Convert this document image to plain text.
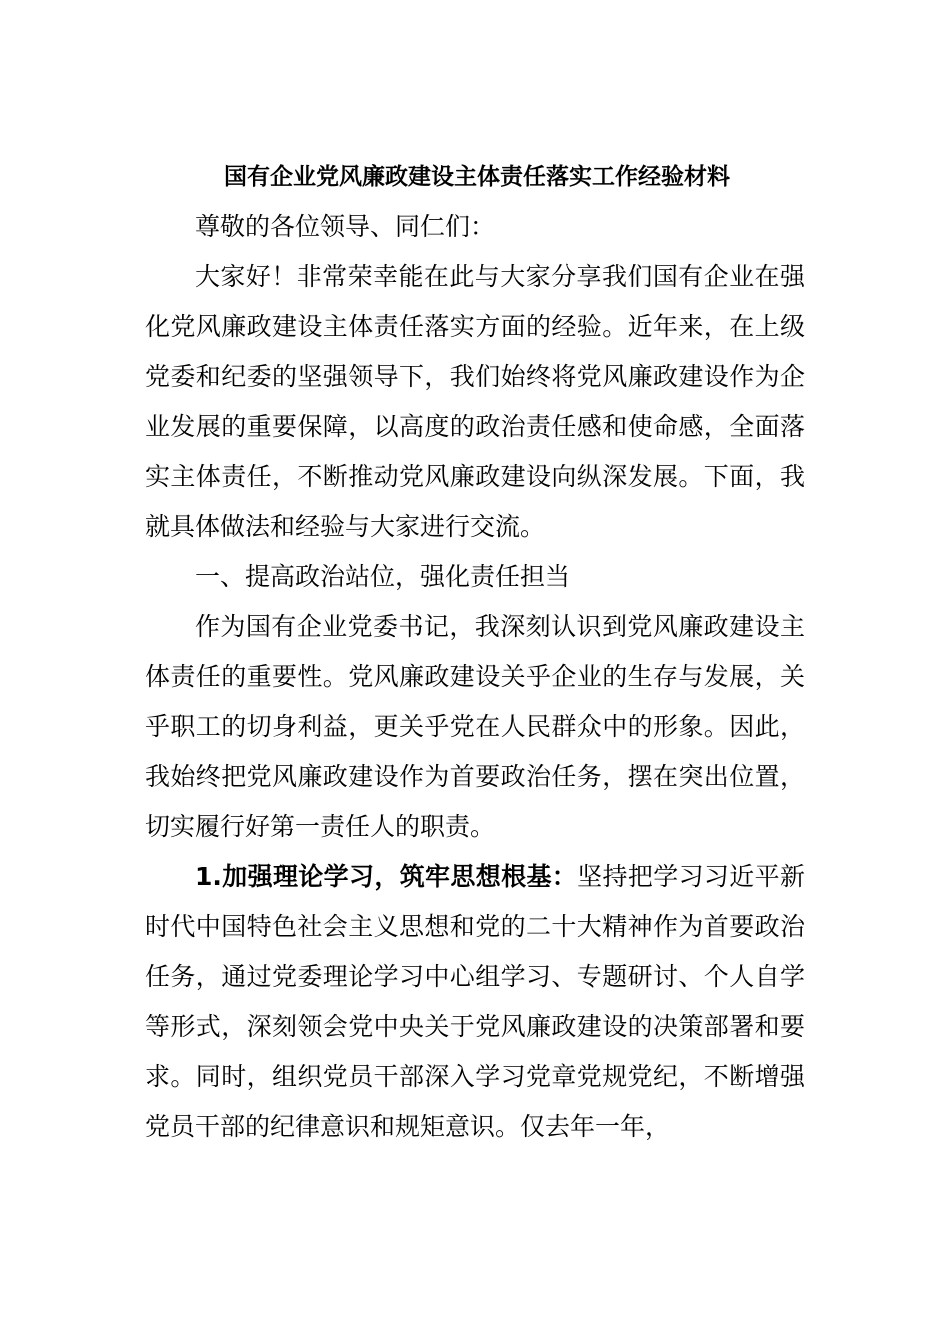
国有企业党风廉政建设主体责任落实工作经验材料

尊敬的各位领导、同仁们：

大家好！非常荣幸能在此与大家分享我们国有企业在强化党风廉政建设主体责任落实方面的经验。近年来，在上级党委和纪委的坚强领导下，我们始终将党风廉政建设作为企业发展的重要保障，以高度的政治责任感和使命感，全面落实主体责任，不断推动党风廉政建设向纵深发展。下面，我就具体做法和经验与大家进行交流。

一、提高政治站位，强化责任担当

作为国有企业党委书记，我深刻认识到党风廉政建设主体责任的重要性。党风廉政建设关乎企业的生存与发展，关乎职工的切身利益，更关乎党在人民群众中的形象。因此，我始终把党风廉政建设作为首要政治任务，摆在突出位置，切实履行好第一责任人的职责。

1.加强理论学习，筑牢思想根基：坚持把学习习近平新时代中国特色社会主义思想和党的二十大精神作为首要政治任务，通过党委理论学习中心组学习、专题研讨、个人自学等形式，深刻领会党中央关于党风廉政建设的决策部署和要求。同时，组织党员干部深入学习党章党规党纪，不断增强党员干部的纪律意识和规矩意识。仅去年一年，
